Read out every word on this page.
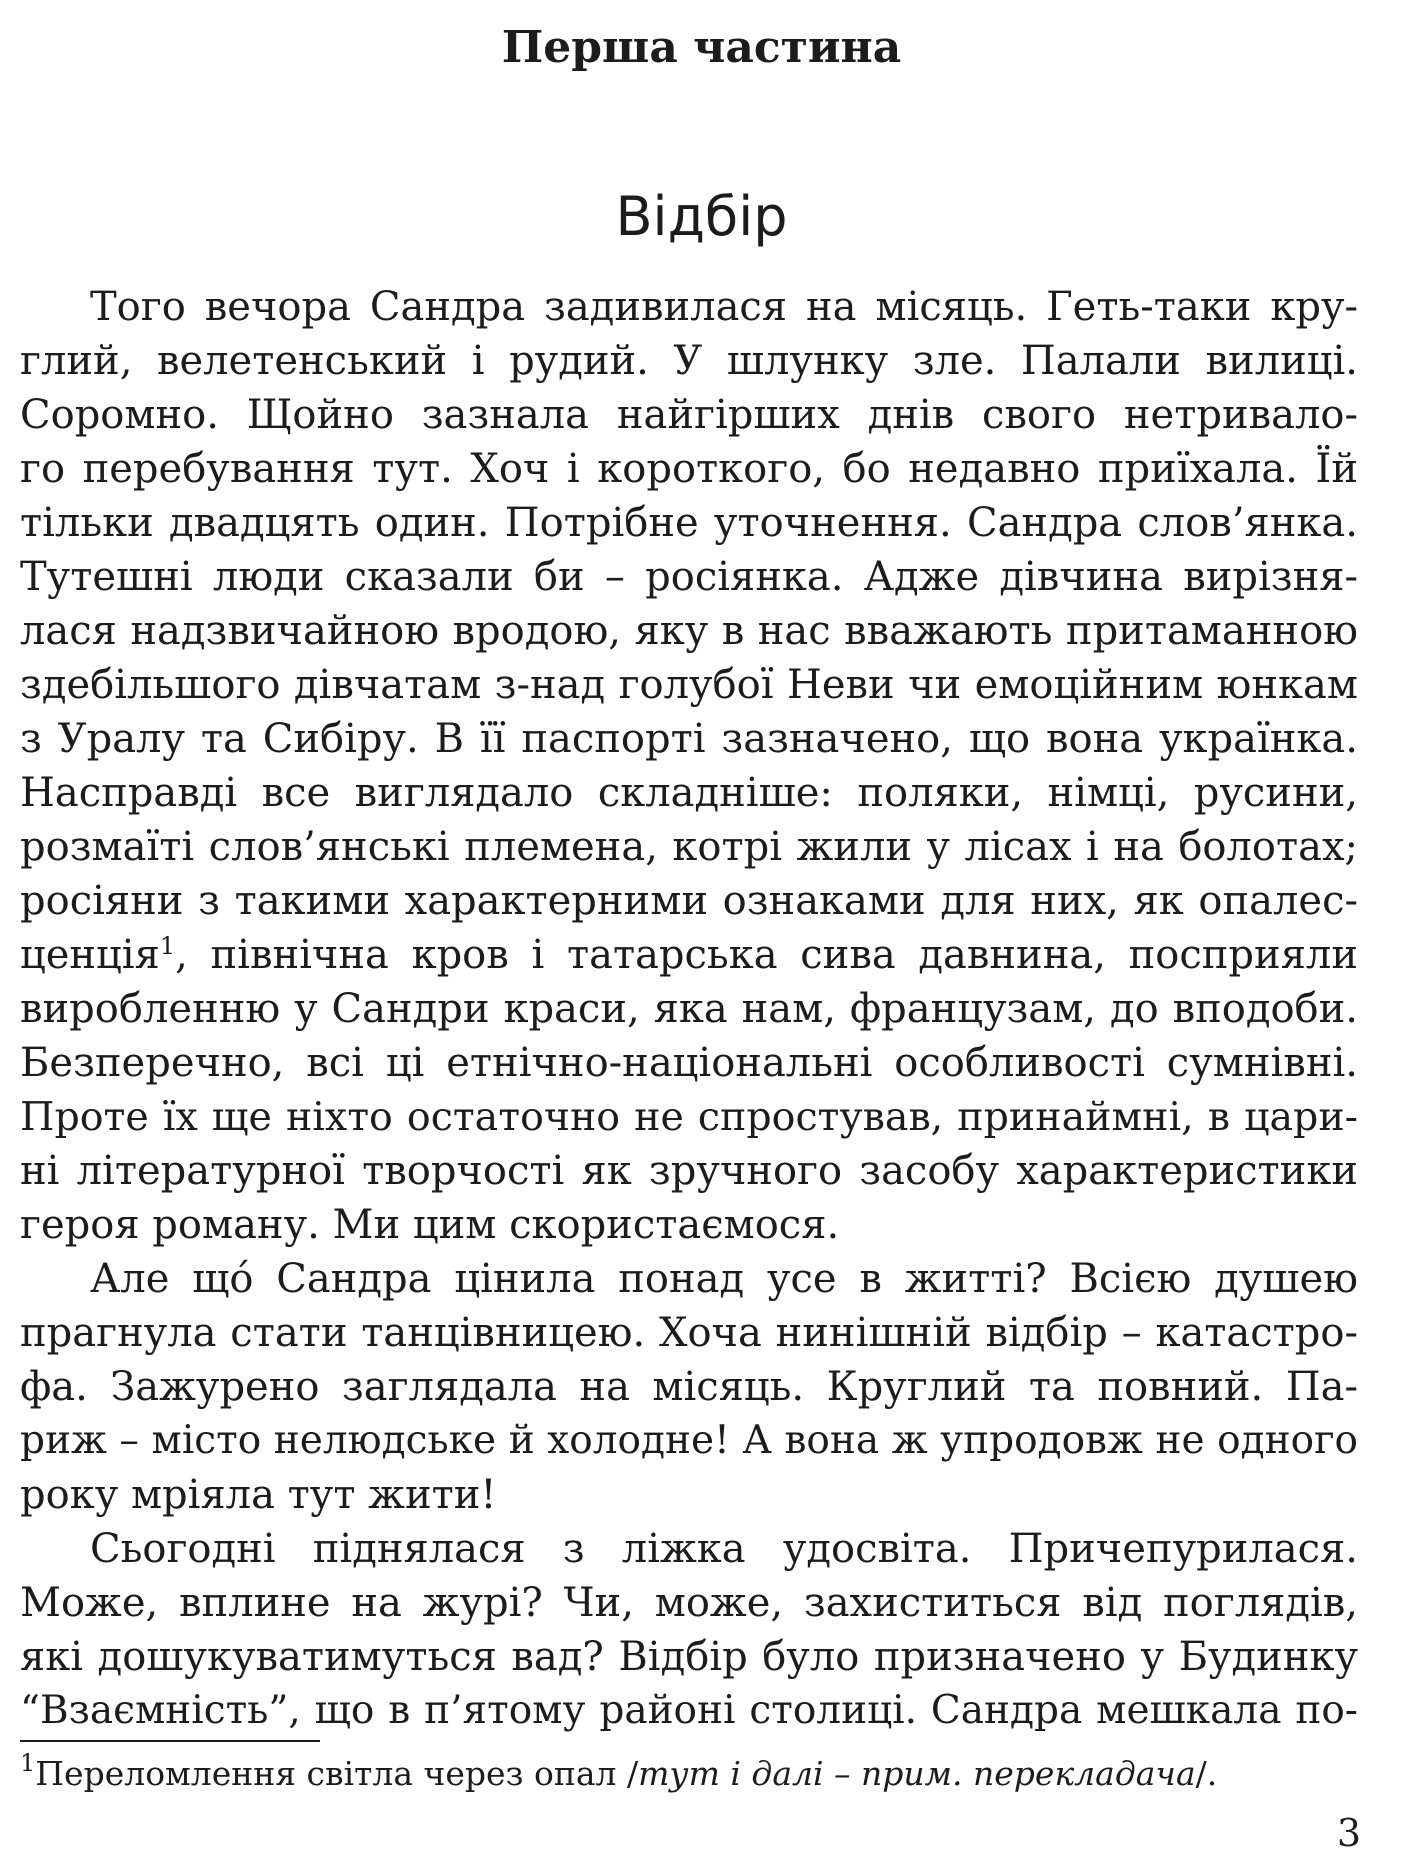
Перша частина
Відбір

Того вечора Сандра задивилася на місяць. Геть-таки кру-

глий, велетенський і рудий. У шлунку зле. Палали вилиці.

Соромно. Щойно зазнала найгірших днів свого нетривало-

го перебування тут. Хоч і короткого, бо недавно приїхала. Їй

тільки двадцять один. Потрібне уточнення. Сандра слов’янка.

Тутешні люди сказали би – росіянка. Адже дівчина вирізня-

лася надзвичайною вродою, яку в нас вважають притаманною

здебільшого дівчатам з-над голубої Неви чи емоційним юнкам

з Уралу та Сибіру. В її паспорті зазначено, що вона українка.

Насправді все виглядало складніше: поляки, німці, русини,

розмаїті слов’янські племена, котрі жили у лісах і на болотах;

росіяни з такими характерними ознаками для них, як опалес-

ценція$^1$, північна кров і татарська сива давнина, посприяли

виробленню у Сандри краси, яка нам, французам, до вподоби.

Безперечно, всі ці етнічно-національні особливості сумнівні.

Проте їх ще ніхто остаточно не спростував, принаймні, в цари-

ні літературної творчості як зручного засобу характеристики

героя роману. Ми цим скористаємося.

Але щó Сандра цінила понад усе в житті? Всією душею

прагнула стати танцівницею. Хоча нинішній відбір – катастро-

фа. Зажурено заглядала на місяць. Круглий та повний. Па-

риж – місто нелюдське й холодне! А вона ж упродовж не одного

року мріяла тут жити!

Сьогодні піднялася з ліжка удосвіта. Причепурилася.

Може, вплине на журі? Чи, може, захиститься від поглядів,

які дошукуватимуться вад? Відбір було призначено у Будинку

“Взаємність”, що в п’ятому районі столиці. Сандра мешкала по-

$^1$Переломлення світла через опал /тут і далі – прим. перекладача/.

3
